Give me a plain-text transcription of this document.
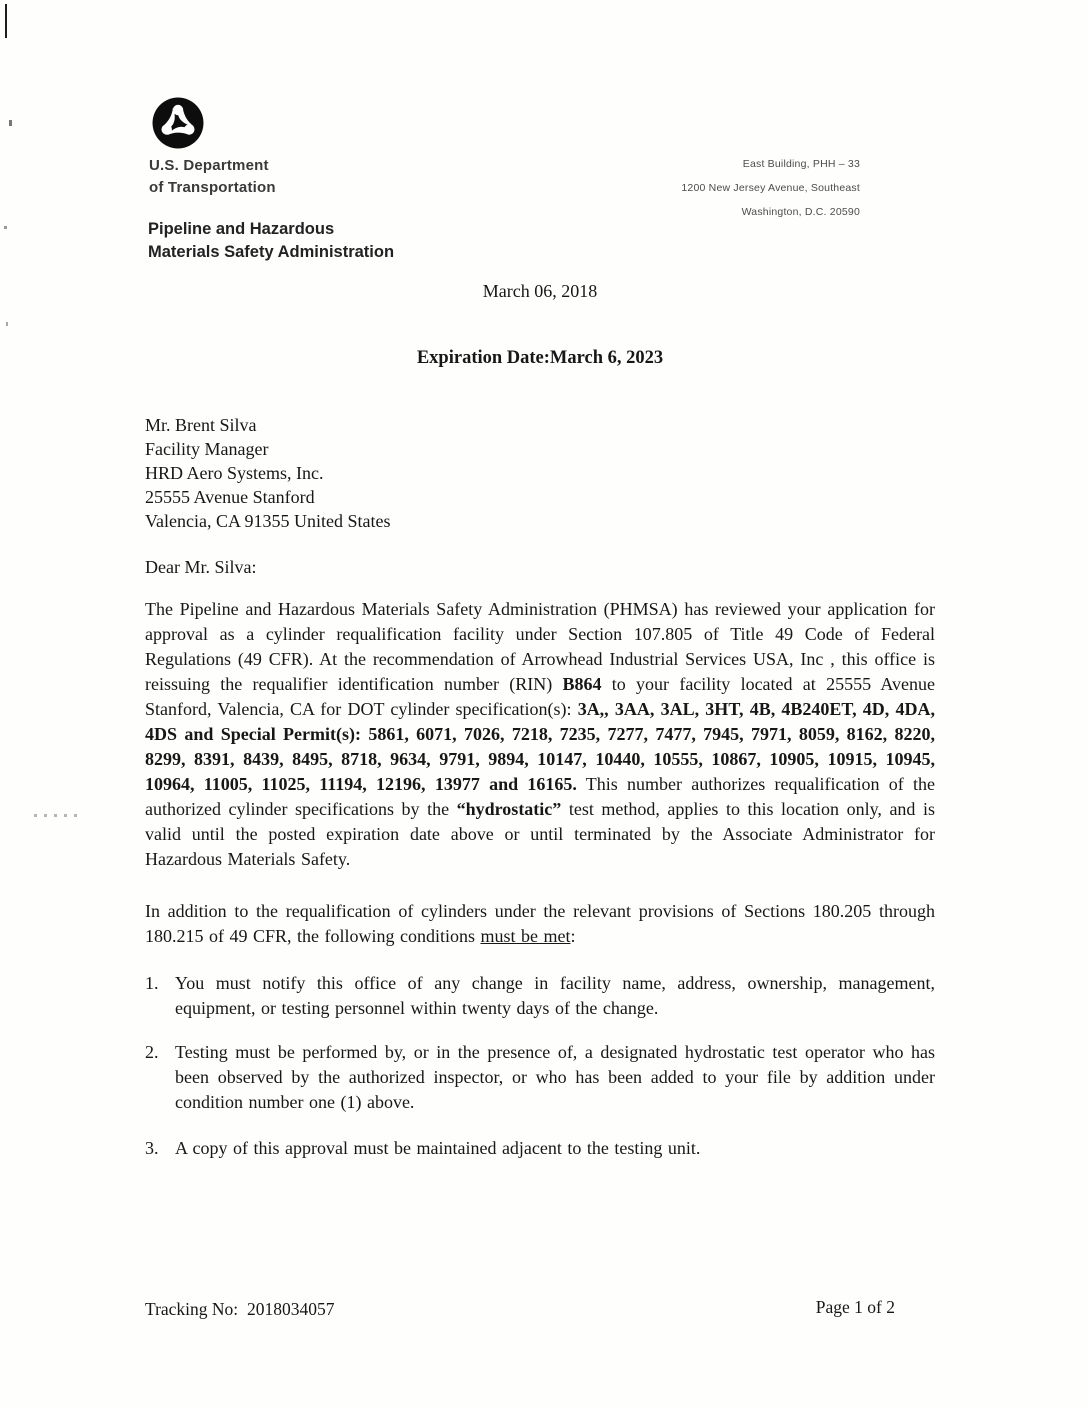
U.S. Department
of Transportation
Pipeline and Hazardous
Materials Safety Administration
East Building, PHH – 33
1200 New Jersey Avenue, Southeast
Washington, D.C. 20590
March 06, 2018
Expiration Date:March 6, 2023
Mr. Brent Silva
Facility Manager
HRD Aero Systems, Inc.
25555 Avenue Stanford
Valencia, CA 91355 United States
Dear Mr. Silva:

The Pipeline and Hazardous Materials Safety Administration (PHMSA) has reviewed your application for approval as a cylinder requalification facility under Section 107.805 of Title 49 Code of Federal Regulations (49 CFR). At the recommendation of Arrowhead Industrial Services USA, Inc , this office is reissuing the requalifier identification number (RIN) B864 to your facility located at 25555 Avenue Stanford, Valencia, CA for DOT cylinder specification(s): 3A,, 3AA, 3AL, 3HT, 4B, 4B240ET, 4D, 4DA, 4DS and Special Permit(s): 5861, 6071, 7026, 7218, 7235, 7277, 7477, 7945, 7971, 8059, 8162, 8220, 8299, 8391, 8439, 8495, 8718, 9634, 9791, 9894, 10147, 10440, 10555, 10867, 10905, 10915, 10945, 10964, 11005, 11025, 11194, 12196, 13977 and 16165. This number authorizes requalification of the authorized cylinder specifications by the “hydrostatic” test method, applies to this location only, and is valid until the posted expiration date above or until terminated by the Associate Administrator for Hazardous Materials Safety.

In addition to the requalification of cylinders under the relevant provisions of Sections 180.205 through 180.215 of 49 CFR, the following conditions must be met:

1. You must notify this office of any change in facility name, address, ownership, management, equipment, or testing personnel within twenty days of the change.
2. Testing must be performed by, or in the presence of, a designated hydrostatic test operator who has been observed by the authorized inspector, or who has been added to your file by addition under condition number one (1) above.
3. A copy of this approval must be maintained adjacent to the testing unit.
Tracking No: 2018034057	Page 1 of 2
